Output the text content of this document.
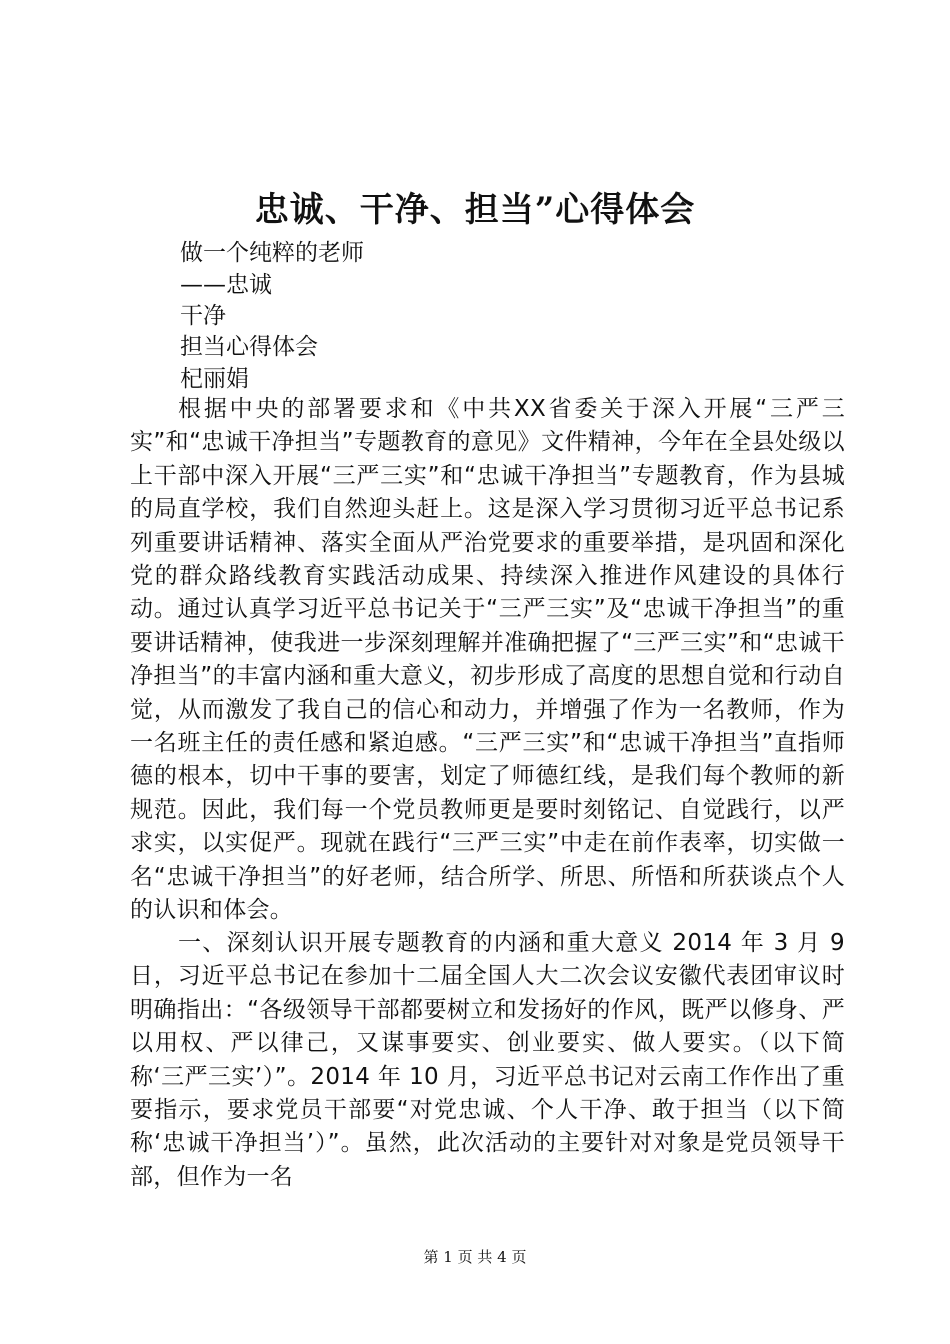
忠诚、干净、担当”心得体会
做一个纯粹的老师
——忠诚
干净
担当心得体会
杞丽娟
根据中央的部署要求和《中共XX省委关于深入开展“三严三实”和“忠诚干净担当”专题教育的意见》文件精神，今年在全县处级以上干部中深入开展“三严三实”和“忠诚干净担当”专题教育，作为县城的局直学校，我们自然迎头赶上。这是深入学习贯彻习近平总书记系列重要讲话精神、落实全面从严治党要求的重要举措，是巩固和深化党的群众路线教育实践活动成果、持续深入推进作风建设的具体行动。通过认真学习近平总书记关于“三严三实”及“忠诚干净担当”的重要讲话精神，使我进一步深刻理解并准确把握了“三严三实”和“忠诚干净担当”的丰富内涵和重大意义，初步形成了高度的思想自觉和行动自觉，从而激发了我自己的信心和动力，并增强了作为一名教师，作为一名班主任的责任感和紧迫感。“三严三实”和“忠诚干净担当”直指师德的根本，切中干事的要害，划定了师德红线，是我们每个教师的新规范。因此，我们每一个党员教师更是要时刻铭记、自觉践行，以严求实，以实促严。现就在践行“三严三实”中走在前作表率，切实做一名“忠诚干净担当”的好老师，结合所学、所思、所悟和所获谈点个人的认识和体会。
一、深刻认识开展专题教育的内涵和重大意义 2014 年 3 月 9 日，习近平总书记在参加十二届全国人大二次会议安徽代表团审议时明确指出：“各级领导干部都要树立和发扬好的作风，既严以修身、严以用权、严以律己，又谋事要实、创业要实、做人要实。（以下简称‘三严三实’）”。2014 年 10 月，习近平总书记对云南工作作出了重要指示，要求党员干部要“对党忠诚、个人干净、敢于担当（以下简称‘忠诚干净担当’）”。虽然，此次活动的主要针对对象是党员领导干部，但作为一名
第 1 页 共 4 页
